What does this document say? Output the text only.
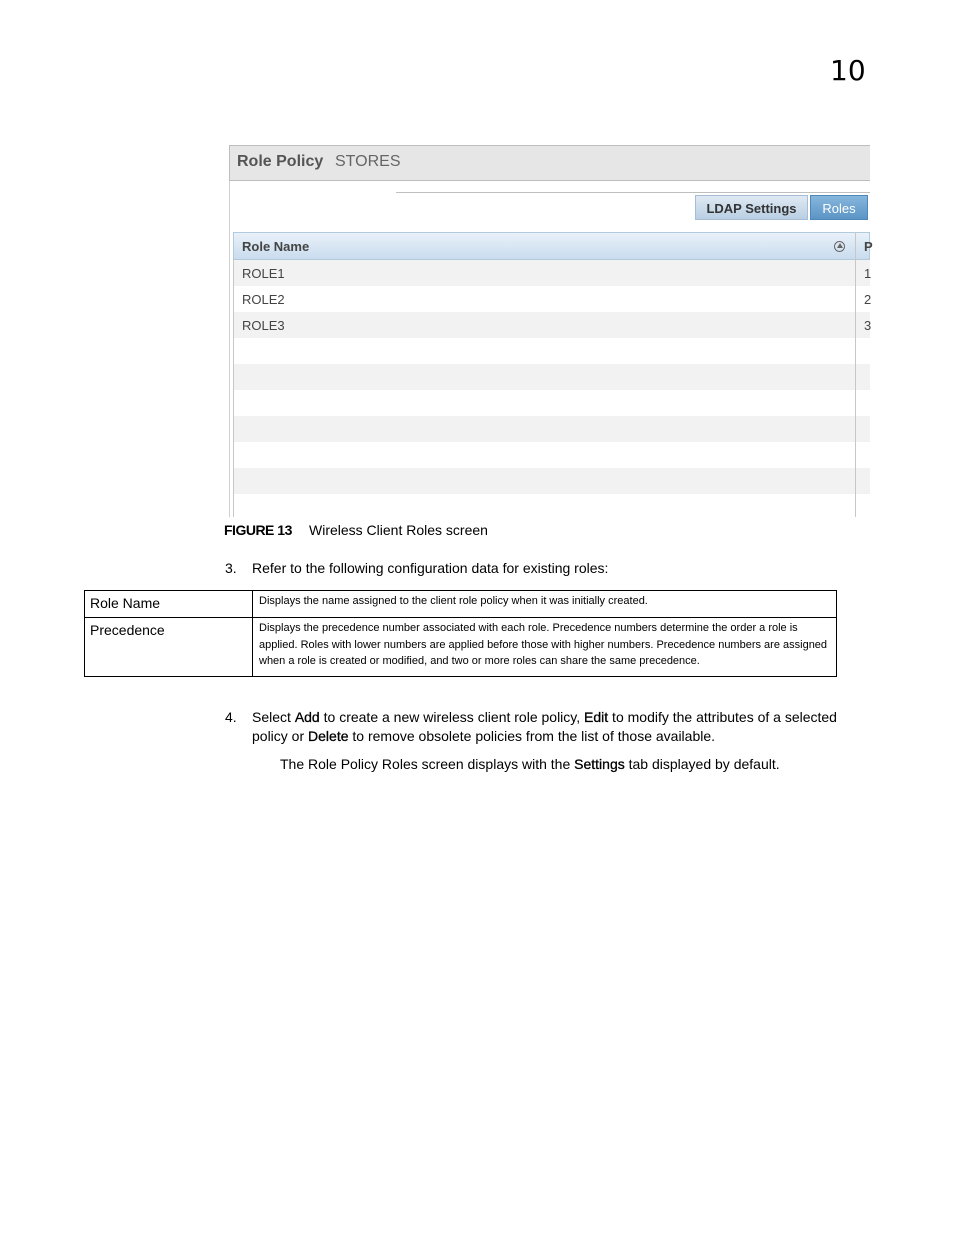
10
Role Policy STORES
LDAP Settings	Roles
Role Name	P
ROLE1	1
ROLE2	2
ROLE3	3
FIGURE 13 Wireless Client Roles screen
3. Refer to the following configuration data for existing roles:
Role Name	Displays the name assigned to the client role policy when it was initially created.
Precedence	Displays the precedence number associated with each role. Precedence numbers determine the order a role is applied. Roles with lower numbers are applied before those with higher numbers. Precedence numbers are assigned when a role is created or modified, and two or more roles can share the same precedence.
4. Select Add to create a new wireless client role policy, Edit to modify the attributes of a selected
policy or Delete to remove obsolete policies from the list of those available.
The Role Policy Roles screen displays with the Settings tab displayed by default.
